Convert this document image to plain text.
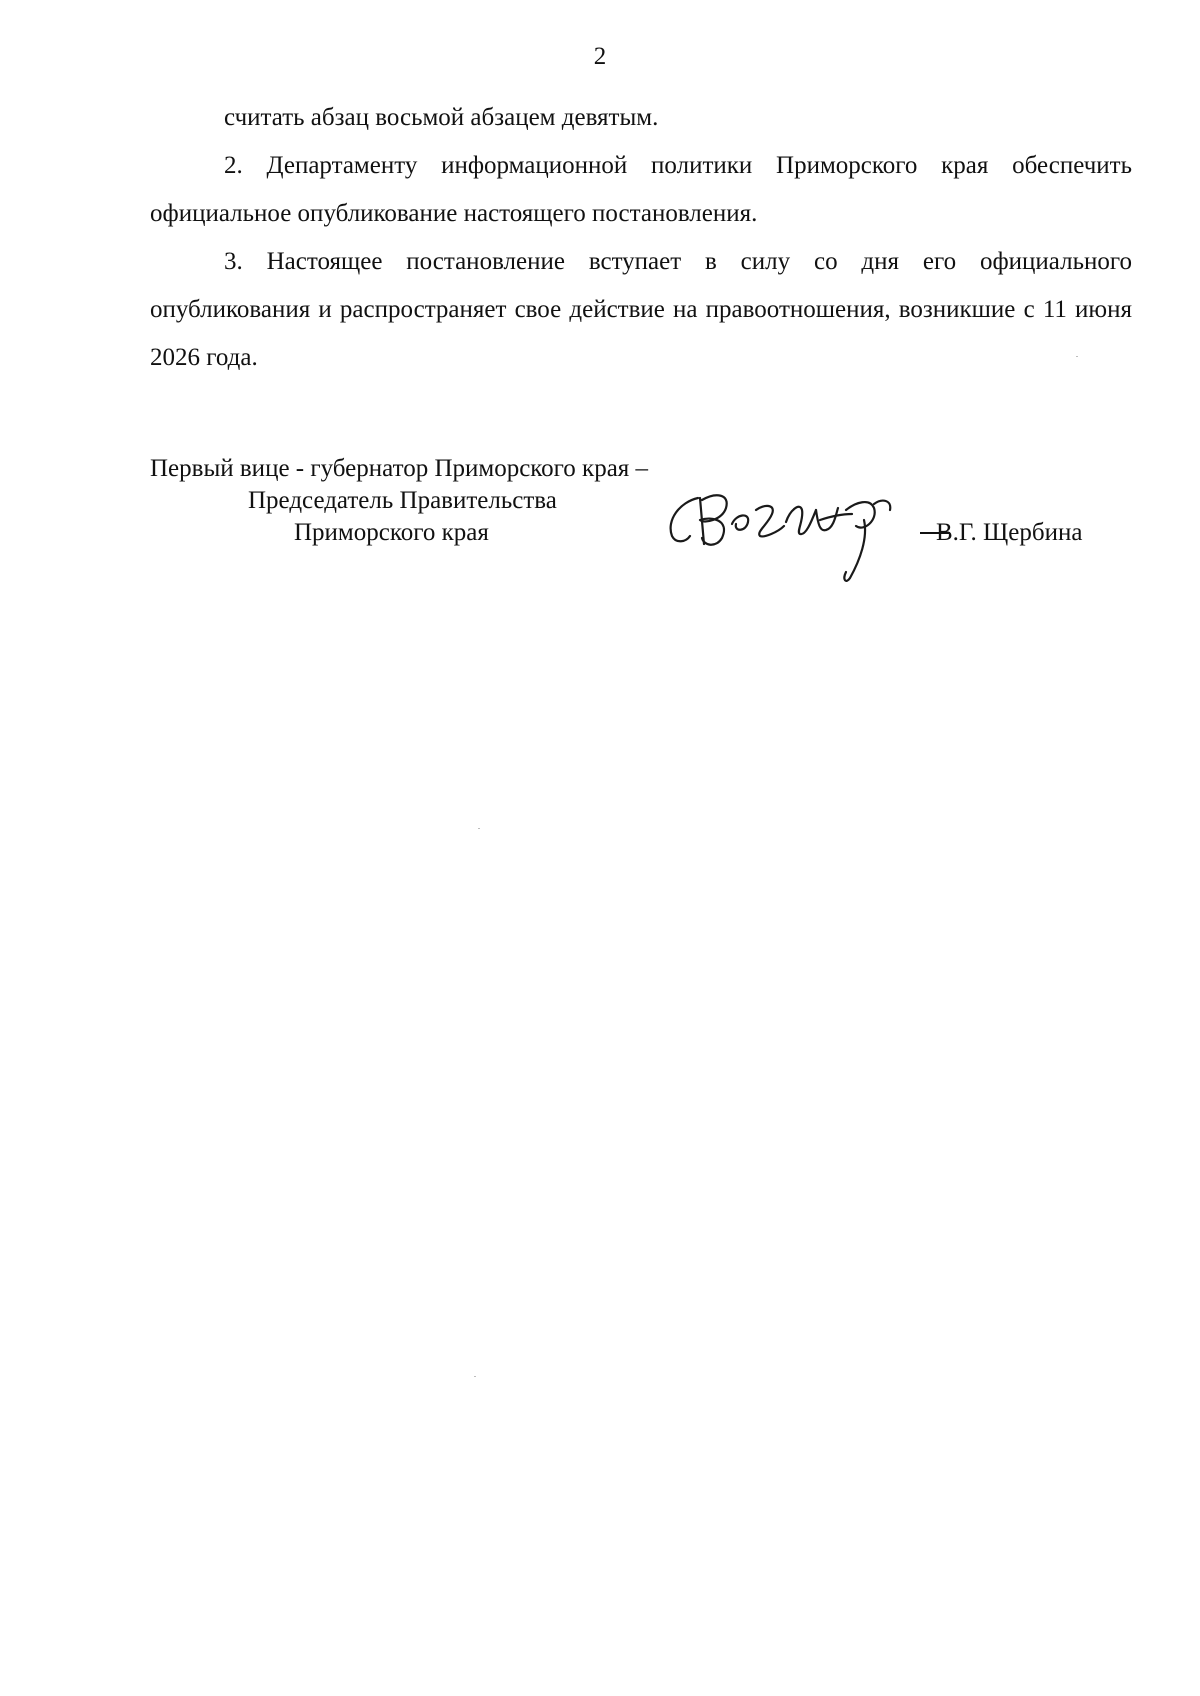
2

считать абзац восьмой абзацем девятым.

2. Департаменту информационной политики Приморского края обеспечить официальное опубликование настоящего постановления.

3. Настоящее постановление вступает в силу со дня его официального опубликования и распространяет свое действие на правоотношения, возникшие с 11 июня 2026 года.

Первый вице - губернатор Приморского края –
Председатель Правительства
Приморского края	В.Г. Щербина
